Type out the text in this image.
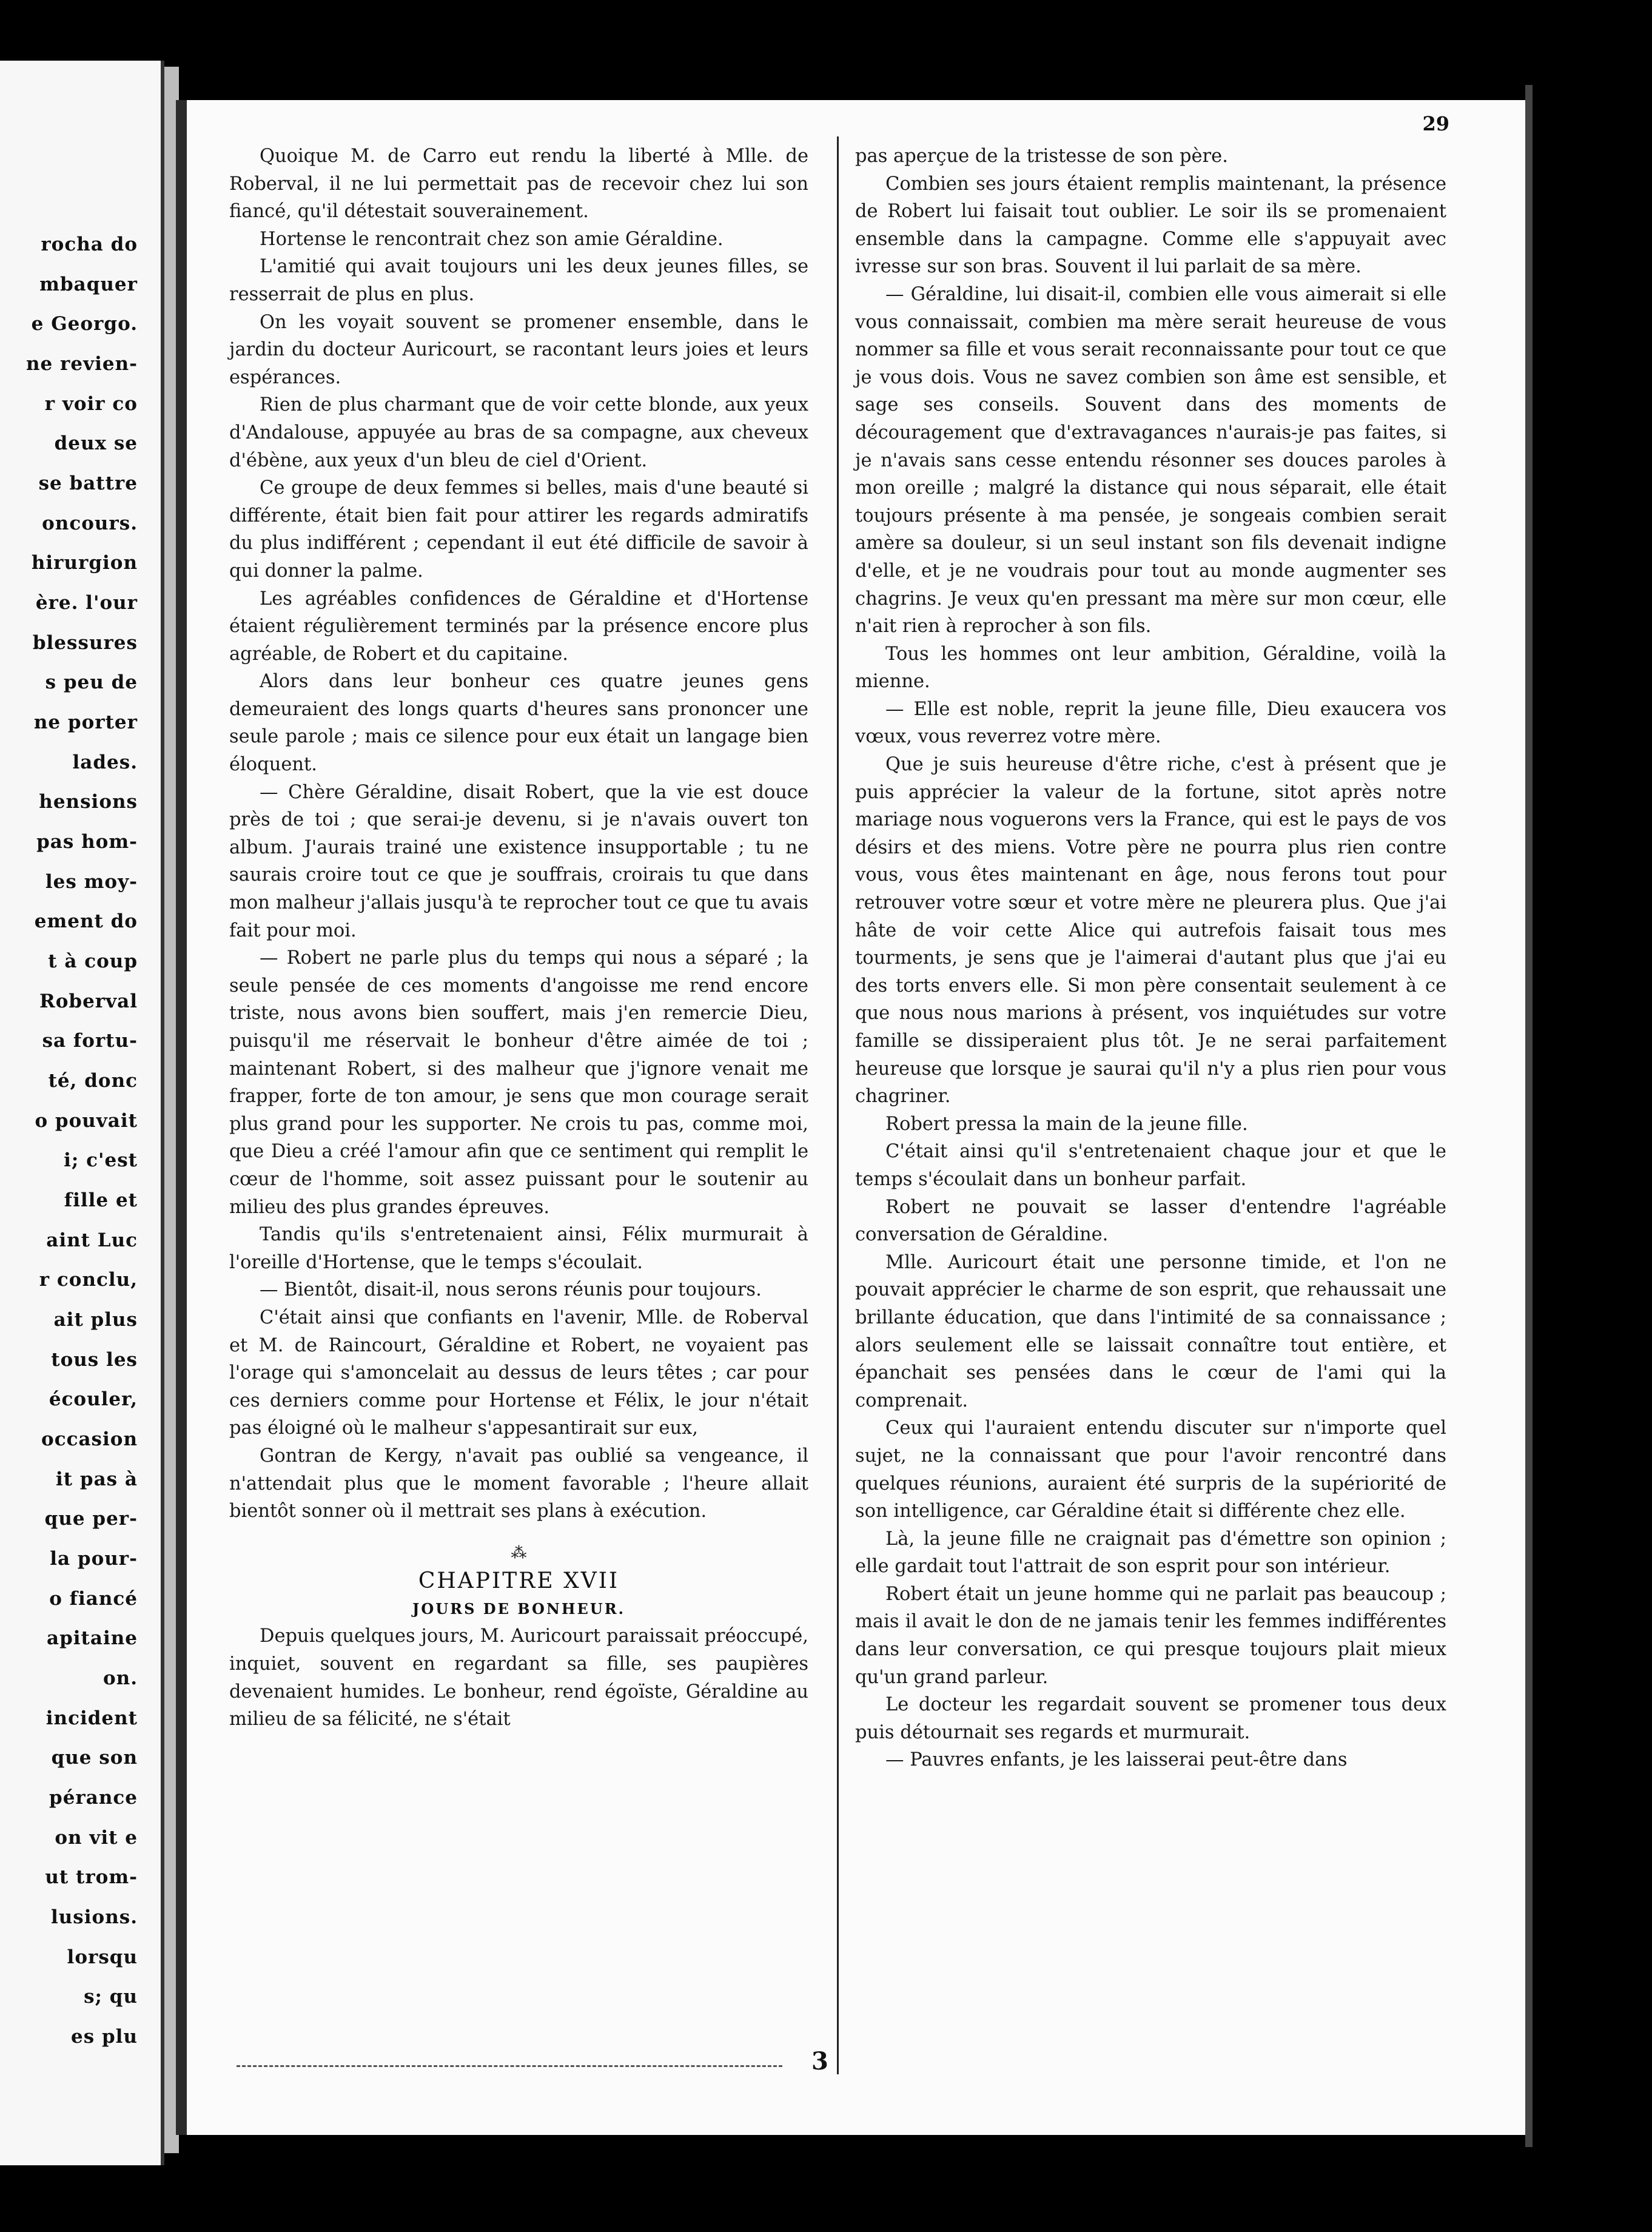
rocha do
mbaquer
e Georgo.
ne revien-
r voir co
deux se
se battre
oncours.
hirurgion
ère. l'our
blessures
s peu de
ne porter
lades.
hensions
pas hom-
les moy-
ement do
t à coup
Roberval
sa fortu-
té, donc
o pouvait
i; c'est
fille et
aint Luc
r conclu,
ait plus
tous les
écouler,
occasion
it pas à
que per-
la pour-
o fiancé
apitaine
on.
incident
que son
pérance
on vit e
ut trom-
lusions.
lorsqu
s; qu
es plu
29

Quoique M. de Carro eut rendu la liberté à Mlle. de Roberval, il ne lui permettait pas de recevoir chez lui son fiancé, qu'il détestait souverainement.

Hortense le rencontrait chez son amie Géraldine.

L'amitié qui avait toujours uni les deux jeunes filles, se resserrait de plus en plus.

On les voyait souvent se promener ensemble, dans le jardin du docteur Auricourt, se racontant leurs joies et leurs espérances.

Rien de plus charmant que de voir cette blonde, aux yeux d'Andalouse, appuyée au bras de sa compagne, aux cheveux d'ébène, aux yeux d'un bleu de ciel d'Orient.

Ce groupe de deux femmes si belles, mais d'une beauté si différente, était bien fait pour attirer les regards admiratifs du plus indifférent ; cependant il eut été difficile de savoir à qui donner la palme.

Les agréables confidences de Géraldine et d'Hortense étaient régulièrement terminés par la présence encore plus agréable, de Robert et du capitaine.

Alors dans leur bonheur ces quatre jeunes gens demeuraient des longs quarts d'heures sans prononcer une seule parole ; mais ce silence pour eux était un langage bien éloquent.

— Chère Géraldine, disait Robert, que la vie est douce près de toi ; que serai-je devenu, si je n'avais ouvert ton album. J'aurais trainé une existence insupportable ; tu ne saurais croire tout ce que je souffrais, croirais tu que dans mon malheur j'allais jusqu'à te reprocher tout ce que tu avais fait pour moi.

— Robert ne parle plus du temps qui nous a séparé ; la seule pensée de ces moments d'angoisse me rend encore triste, nous avons bien souffert, mais j'en remercie Dieu, puisqu'il me réservait le bonheur d'être aimée de toi ; maintenant Robert, si des malheur que j'ignore venait me frapper, forte de ton amour, je sens que mon courage serait plus grand pour les supporter. Ne crois tu pas, comme moi, que Dieu a créé l'amour afin que ce sentiment qui remplit le cœur de l'homme, soit assez puissant pour le soutenir au milieu des plus grandes épreuves.

Tandis qu'ils s'entretenaient ainsi, Félix murmurait à l'oreille d'Hortense, que le temps s'écoulait.

— Bientôt, disait-il, nous serons réunis pour toujours.

C'était ainsi que confiants en l'avenir, Mlle. de Roberval et M. de Raincourt, Géraldine et Robert, ne voyaient pas l'orage qui s'amoncelait au dessus de leurs têtes ; car pour ces derniers comme pour Hortense et Félix, le jour n'était pas éloigné où le malheur s'appesantirait sur eux,

Gontran de Kergy, n'avait pas oublié sa vengeance, il n'attendait plus que le moment favorable ; l'heure allait bientôt sonner où il mettrait ses plans à exécution.

⁂

CHAPITRE XVII

JOURS DE BONHEUR.

Depuis quelques jours, M. Auricourt paraissait préoccupé, inquiet, souvent en regardant sa fille, ses paupières devenaient humides. Le bonheur, rend égoïste, Géraldine au milieu de sa félicité, ne s'était

pas aperçue de la tristesse de son père.

Combien ses jours étaient remplis maintenant, la présence de Robert lui faisait tout oublier. Le soir ils se promenaient ensemble dans la campagne. Comme elle s'appuyait avec ivresse sur son bras. Souvent il lui parlait de sa mère.

— Géraldine, lui disait-il, combien elle vous aimerait si elle vous connaissait, combien ma mère serait heureuse de vous nommer sa fille et vous serait reconnaissante pour tout ce que je vous dois. Vous ne savez combien son âme est sensible, et sage ses conseils. Souvent dans des moments de découragement que d'extravagances n'aurais-je pas faites, si je n'avais sans cesse entendu résonner ses douces paroles à mon oreille ; malgré la distance qui nous séparait, elle était toujours présente à ma pensée, je songeais combien serait amère sa douleur, si un seul instant son fils devenait indigne d'elle, et je ne voudrais pour tout au monde augmenter ses chagrins. Je veux qu'en pressant ma mère sur mon cœur, elle n'ait rien à reprocher à son fils.

Tous les hommes ont leur ambition, Géraldine, voilà la mienne.

— Elle est noble, reprit la jeune fille, Dieu exaucera vos vœux, vous reverrez votre mère.

Que je suis heureuse d'être riche, c'est à présent que je puis apprécier la valeur de la fortune, sitot après notre mariage nous voguerons vers la France, qui est le pays de vos désirs et des miens. Votre père ne pourra plus rien contre vous, vous êtes maintenant en âge, nous ferons tout pour retrouver votre sœur et votre mère ne pleurera plus. Que j'ai hâte de voir cette Alice qui autrefois faisait tous mes tourments, je sens que je l'aimerai d'autant plus que j'ai eu des torts envers elle. Si mon père consentait seulement à ce que nous nous marions à présent, vos inquiétudes sur votre famille se dissiperaient plus tôt. Je ne serai parfaitement heureuse que lorsque je saurai qu'il n'y a plus rien pour vous chagriner.

Robert pressa la main de la jeune fille.

C'était ainsi qu'il s'entretenaient chaque jour et que le temps s'écoulait dans un bonheur parfait.

Robert ne pouvait se lasser d'entendre l'agréable conversation de Géraldine.

Mlle. Auricourt était une personne timide, et l'on ne pouvait apprécier le charme de son esprit, que rehaussait une brillante éducation, que dans l'intimité de sa connaissance ; alors seulement elle se laissait connaître tout entière, et épanchait ses pensées dans le cœur de l'ami qui la comprenait.

Ceux qui l'auraient entendu discuter sur n'importe quel sujet, ne la connaissant que pour l'avoir rencontré dans quelques réunions, auraient été surpris de la supériorité de son intelligence, car Géraldine était si différente chez elle.

Là, la jeune fille ne craignait pas d'émettre son opinion ; elle gardait tout l'attrait de son esprit pour son intérieur.

Robert était un jeune homme qui ne parlait pas beaucoup ; mais il avait le don de ne jamais tenir les femmes indifférentes dans leur conversation, ce qui presque toujours plait mieux qu'un grand parleur.

Le docteur les regardait souvent se promener tous deux puis détournait ses regards et murmurait.

— Pauvres enfants, je les laisserai peut-être dans

3
